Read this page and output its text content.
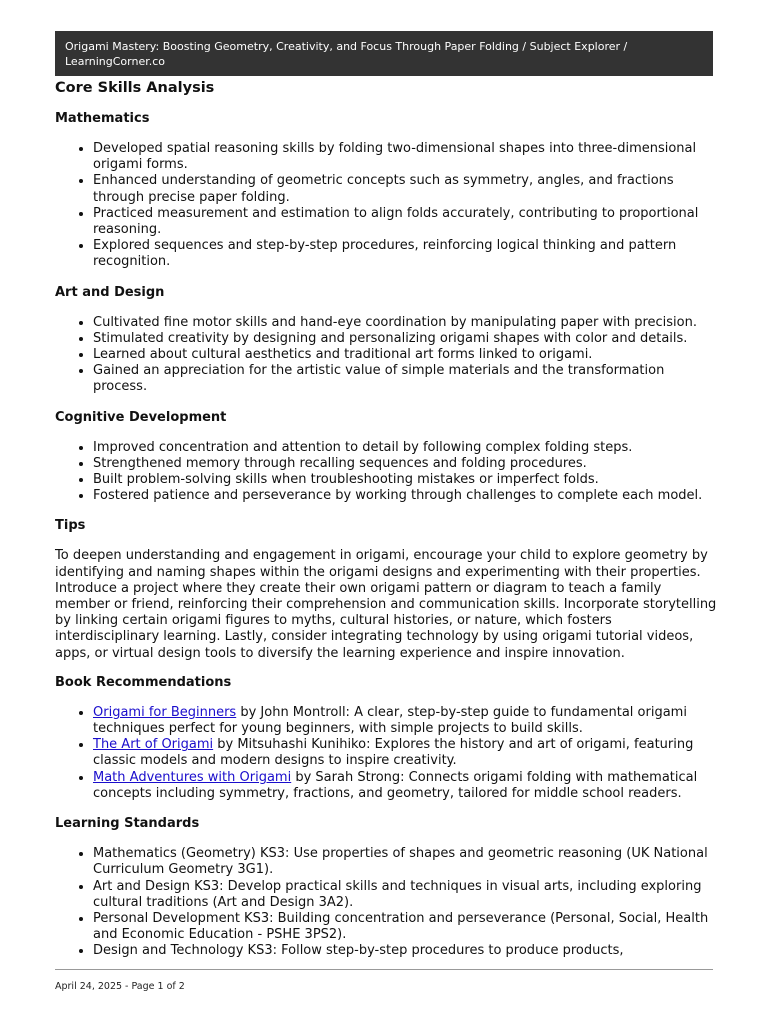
Origami Mastery: Boosting Geometry, Creativity, and Focus Through Paper Folding / Subject Explorer / LearningCorner.co
Core Skills Analysis
Mathematics
• Developed spatial reasoning skills by folding two-dimensional shapes into three-dimensional origami forms.
• Enhanced understanding of geometric concepts such as symmetry, angles, and fractions through precise paper folding.
• Practiced measurement and estimation to align folds accurately, contributing to proportional reasoning.
• Explored sequences and step-by-step procedures, reinforcing logical thinking and pattern recognition.
Art and Design
• Cultivated fine motor skills and hand-eye coordination by manipulating paper with precision.
• Stimulated creativity by designing and personalizing origami shapes with color and details.
• Learned about cultural aesthetics and traditional art forms linked to origami.
• Gained an appreciation for the artistic value of simple materials and the transformation process.
Cognitive Development
• Improved concentration and attention to detail by following complex folding steps.
• Strengthened memory through recalling sequences and folding procedures.
• Built problem-solving skills when troubleshooting mistakes or imperfect folds.
• Fostered patience and perseverance by working through challenges to complete each model.
Tips

To deepen understanding and engagement in origami, encourage your child to explore geometry by identifying and naming shapes within the origami designs and experimenting with their properties. Introduce a project where they create their own origami pattern or diagram to teach a family member or friend, reinforcing their comprehension and communication skills. Incorporate storytelling by linking certain origami figures to myths, cultural histories, or nature, which fosters interdisciplinary learning. Lastly, consider integrating technology by using origami tutorial videos, apps, or virtual design tools to diversify the learning experience and inspire innovation.

Book Recommendations
• Origami for Beginners by John Montroll: A clear, step-by-step guide to fundamental origami techniques perfect for young beginners, with simple projects to build skills.
• The Art of Origami by Mitsuhashi Kunihiko: Explores the history and art of origami, featuring classic models and modern designs to inspire creativity.
• Math Adventures with Origami by Sarah Strong: Connects origami folding with mathematical concepts including symmetry, fractions, and geometry, tailored for middle school readers.
Learning Standards
• Mathematics (Geometry) KS3: Use properties of shapes and geometric reasoning (UK National Curriculum Geometry 3G1).
• Art and Design KS3: Develop practical skills and techniques in visual arts, including exploring cultural traditions (Art and Design 3A2).
• Personal Development KS3: Building concentration and perseverance (Personal, Social, Health and Economic Education - PSHE 3PS2).
• Design and Technology KS3: Follow step-by-step procedures to produce products,
April 24, 2025 - Page 1 of 2
